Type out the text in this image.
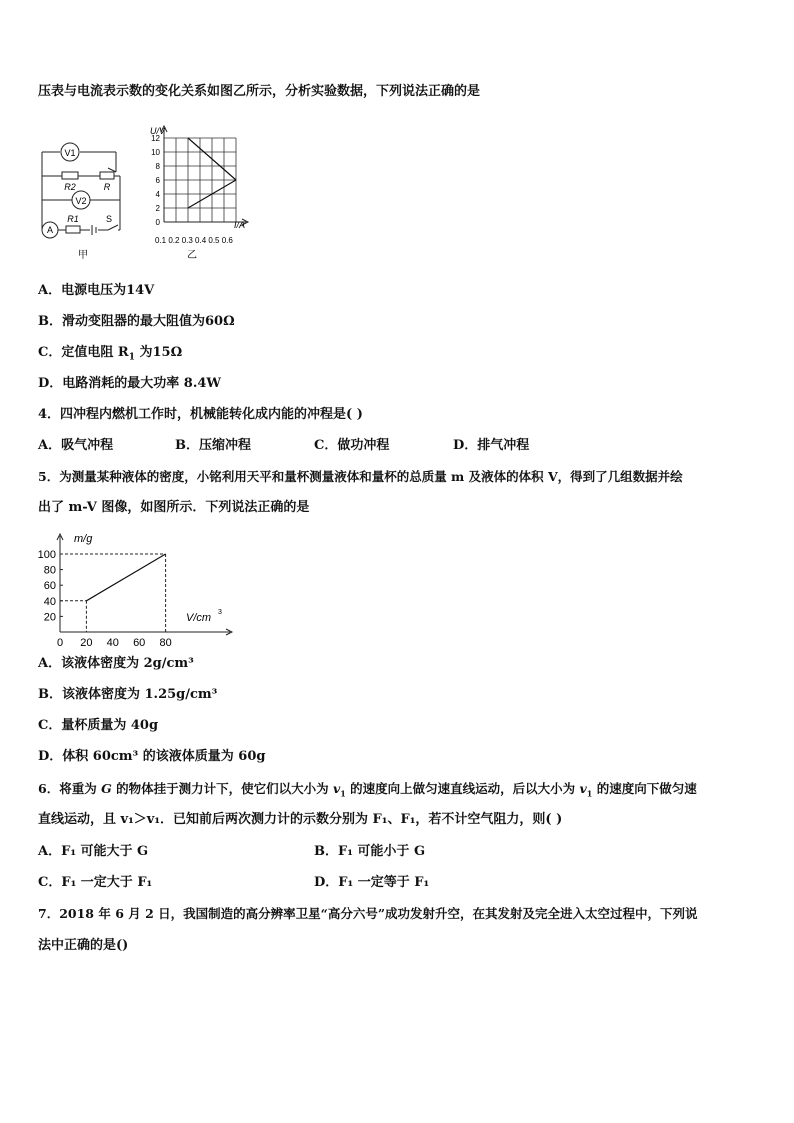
压表与电流表示数的变化关系如图乙所示，分析实验数据，下列说法正确的是
V1
R2	R
V2
R1	S
A
甲
0
2
4
6
8
10
12
U/V
I/A
0.1 0.2 0.3 0.4 0.5 0.6
乙
A．电源电压为14V
B．滑动变阻器的最大阻值为60Ω
C．定值电阻 $R_1$ 为15Ω
D．电路消耗的最大功率 8.4W
4．四冲程内燃机工作时，机械能转化成内能的冲程是( )
A．吸气冲程	B．压缩冲程	C．做功冲程	D．排气冲程
5．为测量某种液体的密度，小铭利用天平和量杯测量液体和量杯的总质量 m 及液体的体积 V，得到了几组数据并绘
出了 m-V 图像，如图所示．下列说法正确的是
20
40
60
80
100
0 20 40 60 80
m/g
V/cm 3
A．该液体密度为 2g/cm³
B．该液体密度为 1.25g/cm³
C．量杯质量为 40g
D．体积 60cm³ 的该液体质量为 60g
6．将重为 G 的物体挂于测力计下，使它们以大小为 $v_1$ 的速度向上做匀速直线运动，后以大小为 $v_1$ 的速度向下做匀速
直线运动，且 v₁＞v₁．已知前后两次测力计的示数分别为 F₁、F₁，若不计空气阻力，则( )
A．F₁ 可能大于 G	B．F₁ 可能小于 G
C．F₁ 一定大于 F₁	D．F₁ 一定等于 F₁
7．2018 年 6 月 2 日，我国制造的高分辨率卫星“高分六号”成功发射升空，在其发射及完全进入太空过程中，下列说
法中正确的是()
